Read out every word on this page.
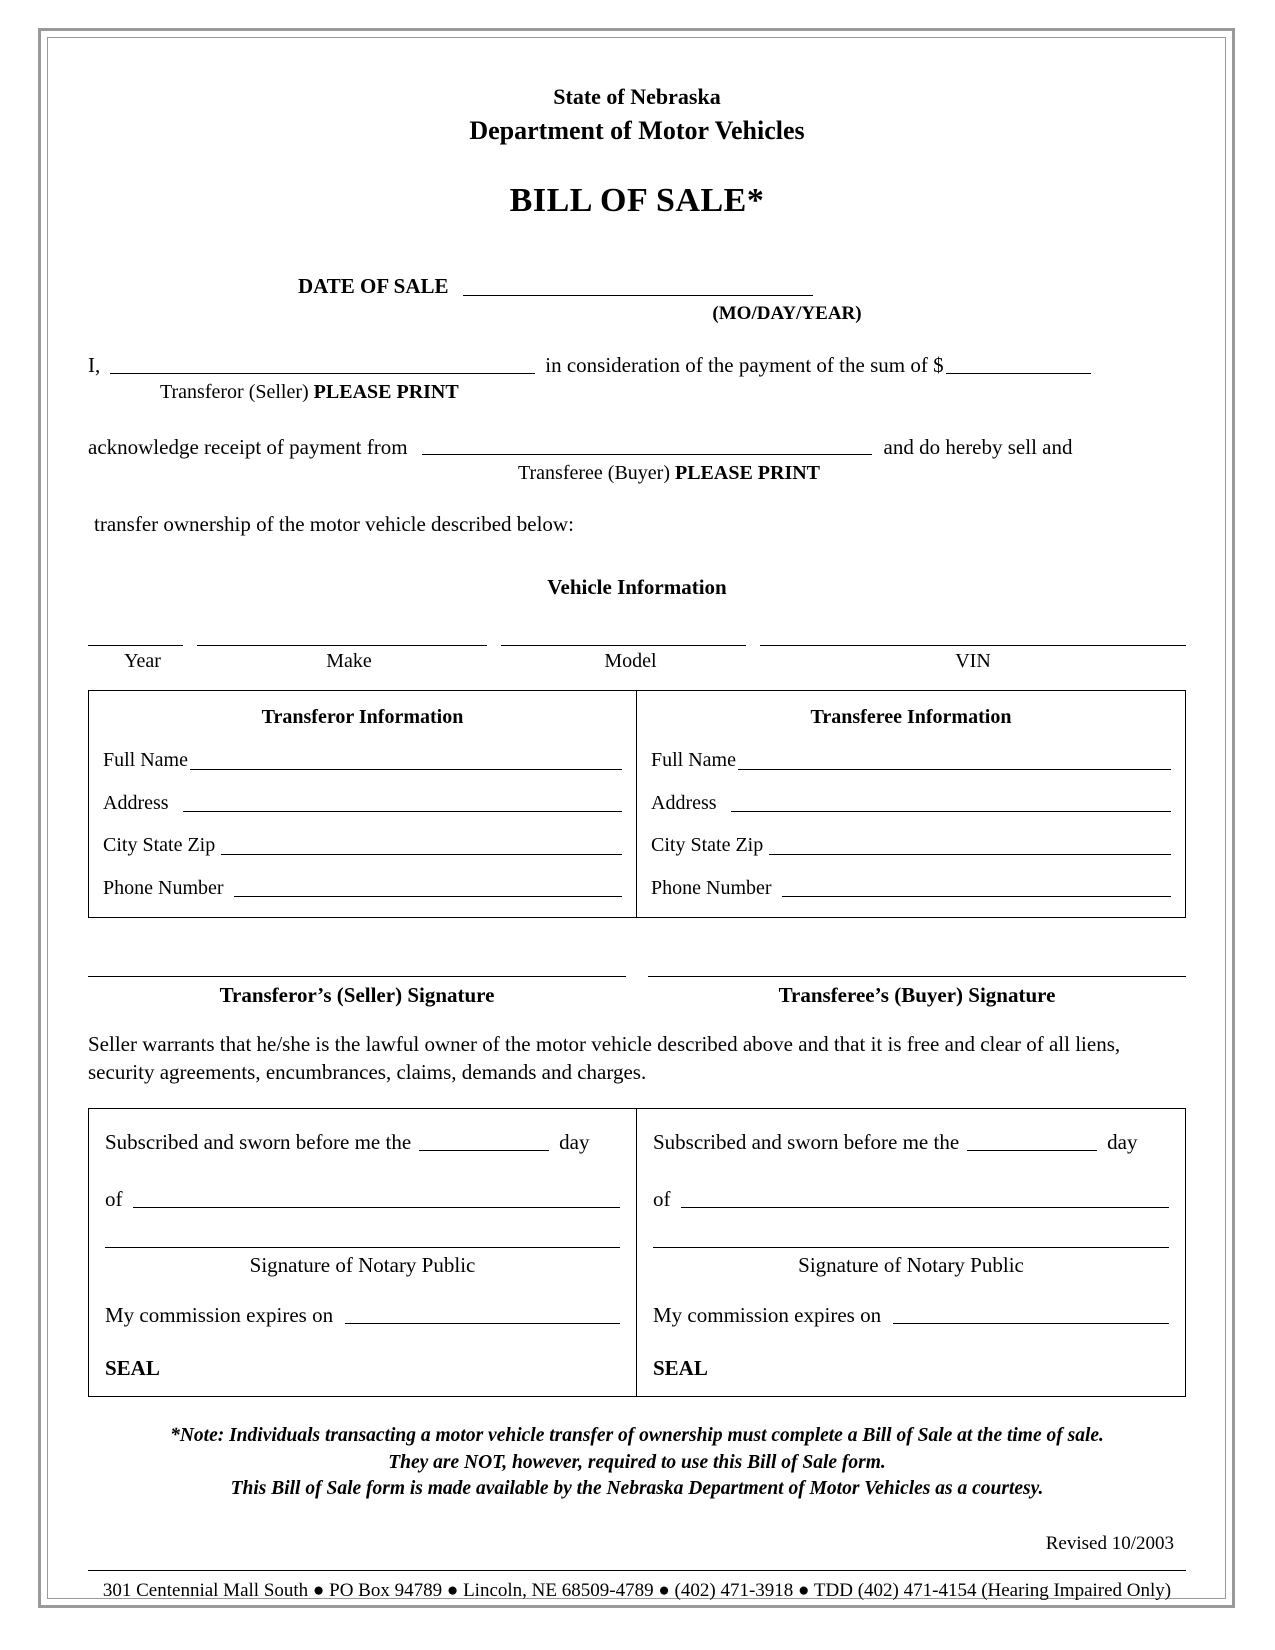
State of Nebraska
Department of Motor Vehicles
BILL OF SALE*
DATE OF SALE
(MO/DAY/YEAR)
I,	in consideration of the payment of the sum of $
Transferor (Seller) PLEASE PRINT
acknowledge receipt of payment from	and do hereby sell and
Transferee (Buyer) PLEASE PRINT
transfer ownership of the motor vehicle described below:
Vehicle Information
Year	Make	Model	VIN
Transferor Information
Full Name
Address
City State Zip
Phone Number
Transferee Information
Full Name
Address
City State Zip
Phone Number
Transferor’s (Seller) Signature	Transferee’s (Buyer) Signature
Seller warrants that he/she is the lawful owner of the motor vehicle described above and that it is free and clear of all liens, security agreements, encumbrances, claims, demands and charges.
Subscribed and sworn before me the	day
of
Signature of Notary Public
My commission expires on
SEAL
Subscribed and sworn before me the	day
of
Signature of Notary Public
My commission expires on
SEAL
*Note: Individuals transacting a motor vehicle transfer of ownership must complete a Bill of Sale at the time of sale.
They are NOT, however, required to use this Bill of Sale form.
This Bill of Sale form is made available by the Nebraska Department of Motor Vehicles as a courtesy.
Revised 10/2003
301 Centennial Mall South ● PO Box 94789 ● Lincoln, NE 68509-4789 ● (402) 471-3918 ● TDD (402) 471-4154 (Hearing Impaired Only)
